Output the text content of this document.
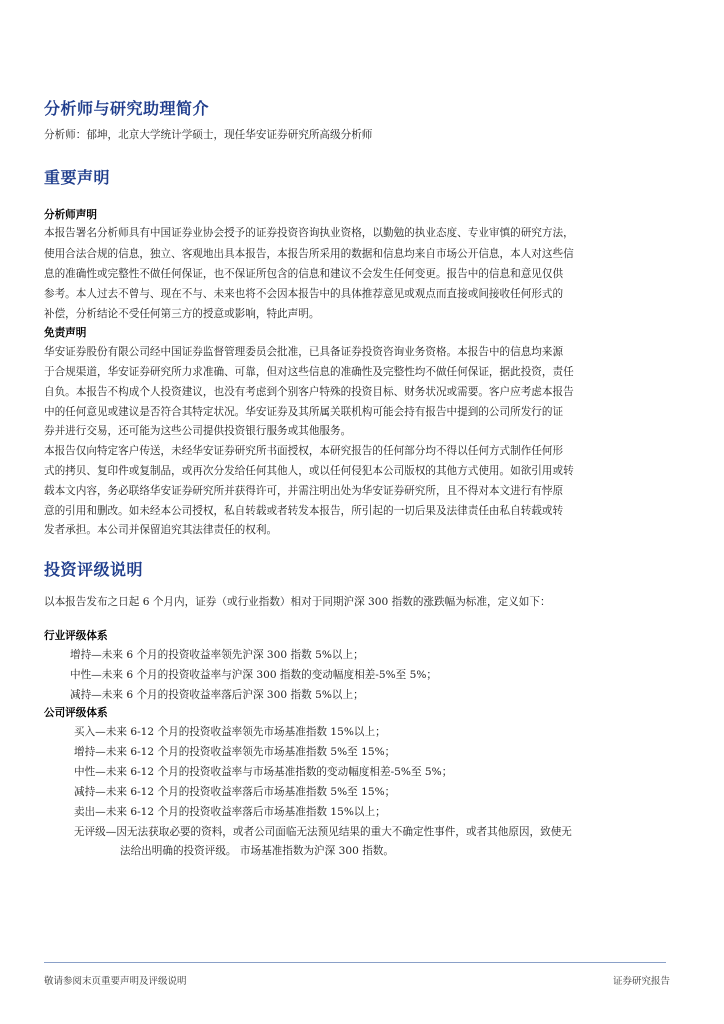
分析师与研究助理简介
分析师：郁坤，北京大学统计学硕士，现任华安证券研究所高级分析师
重要声明
分析师声明
本报告署名分析师具有中国证券业协会授予的证券投资咨询执业资格，以勤勉的执业态度、专业审慎的研究方法，
使用合法合规的信息，独立、客观地出具本报告，本报告所采用的数据和信息均来自市场公开信息，本人对这些信
息的准确性或完整性不做任何保证，也不保证所包含的信息和建议不会发生任何变更。报告中的信息和意见仅供
参考。本人过去不曾与、现在不与、未来也将不会因本报告中的具体推荐意见或观点而直接或间接收任何形式的
补偿，分析结论不受任何第三方的授意或影响，特此声明。
免责声明
华安证券股份有限公司经中国证券监督管理委员会批准，已具备证券投资咨询业务资格。本报告中的信息均来源
于合规渠道，华安证券研究所力求准确、可靠，但对这些信息的准确性及完整性均不做任何保证，据此投资，责任
自负。本报告不构成个人投资建议，也没有考虑到个别客户特殊的投资目标、财务状况或需要。客户应考虑本报告
中的任何意见或建议是否符合其特定状况。华安证券及其所属关联机构可能会持有报告中提到的公司所发行的证
券并进行交易，还可能为这些公司提供投资银行服务或其他服务。
本报告仅向特定客户传送，未经华安证券研究所书面授权，本研究报告的任何部分均不得以任何方式制作任何形
式的拷贝、复印件或复制品，或再次分发给任何其他人，或以任何侵犯本公司版权的其他方式使用。如欲引用或转
载本文内容，务必联络华安证券研究所并获得许可，并需注明出处为华安证券研究所，且不得对本文进行有悖原
意的引用和删改。如未经本公司授权，私自转载或者转发本报告，所引起的一切后果及法律责任由私自转载或转
发者承担。本公司并保留追究其法律责任的权利。
投资评级说明
以本报告发布之日起 6 个月内，证券（或行业指数）相对于同期沪深 300 指数的涨跌幅为标准，定义如下：
行业评级体系
增持—未来 6 个月的投资收益率领先沪深 300 指数 5%以上；
中性—未来 6 个月的投资收益率与沪深 300 指数的变动幅度相差-5%至 5%；
减持—未来 6 个月的投资收益率落后沪深 300 指数 5%以上；
公司评级体系
买入—未来 6-12 个月的投资收益率领先市场基准指数 15%以上；
增持—未来 6-12 个月的投资收益率领先市场基准指数 5%至 15%；
中性—未来 6-12 个月的投资收益率与市场基准指数的变动幅度相差-5%至 5%；
减持—未来 6-12 个月的投资收益率落后市场基准指数 5%至 15%；
卖出—未来 6-12 个月的投资收益率落后市场基准指数 15%以上；
无评级—因无法获取必要的资料，或者公司面临无法预见结果的重大不确定性事件，或者其他原因，致使无
法给出明确的投资评级。 市场基准指数为沪深 300 指数。
敬请参阅末页重要声明及评级说明	证券研究报告
